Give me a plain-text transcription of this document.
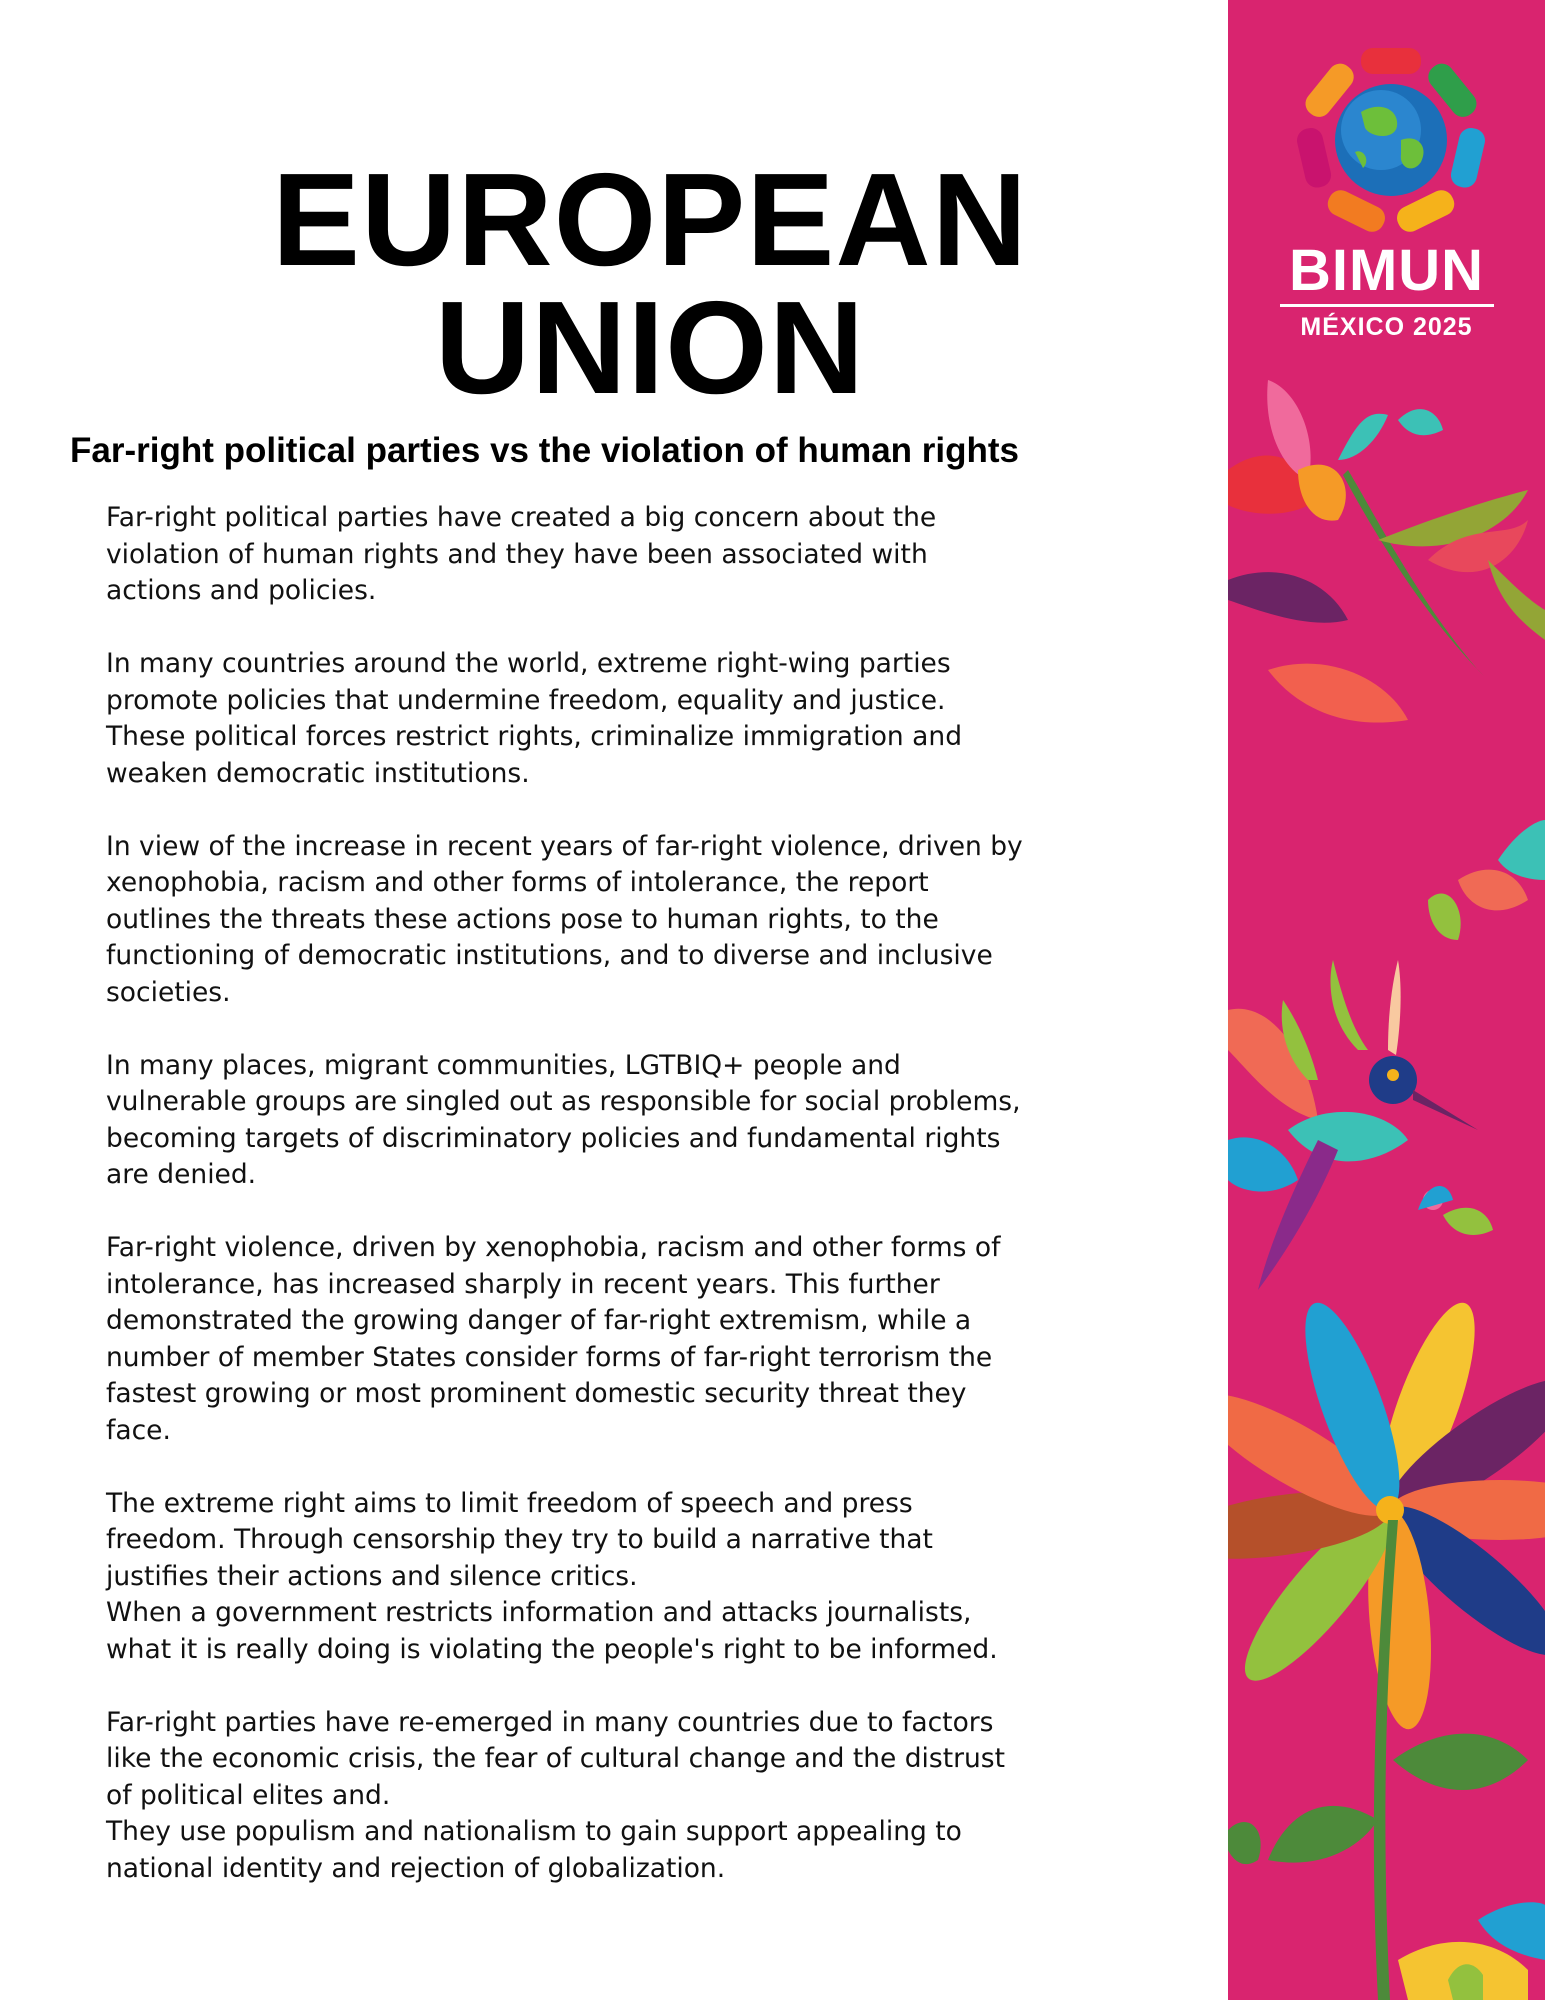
EUROPEAN
UNION
Far-right political parties vs the violation of human rights

Far-right political parties have created a big concern about the
violation of human rights and they have been associated with
actions and policies.

In many countries around the world, extreme right-wing parties
promote policies that undermine freedom, equality and justice.
These political forces restrict rights, criminalize immigration and
weaken democratic institutions.

In view of the increase in recent years of far-right violence, driven by
xenophobia, racism and other forms of intolerance, the report
outlines the threats these actions pose to human rights, to the
functioning of democratic institutions, and to diverse and inclusive
societies.

In many places, migrant communities, LGTBIQ+ people and
vulnerable groups are singled out as responsible for social problems,
becoming targets of discriminatory policies and fundamental rights
are denied.

Far-right violence, driven by xenophobia, racism and other forms of
intolerance, has increased sharply in recent years. This further
demonstrated the growing danger of far-right extremism, while a
number of member States consider forms of far-right terrorism the
fastest growing or most prominent domestic security threat they
face.

The extreme right aims to limit freedom of speech and press
freedom. Through censorship they try to build a narrative that
justifies their actions and silence critics.
When a government restricts information and attacks journalists,
what it is really doing is violating the people's right to be informed.

Far-right parties have re-emerged in many countries due to factors
like the economic crisis, the fear of cultural change and the distrust
of political elites and.
They use populism and nationalism to gain support appealing to
national identity and rejection of globalization.

BIMUN
MÉXICO 2025
